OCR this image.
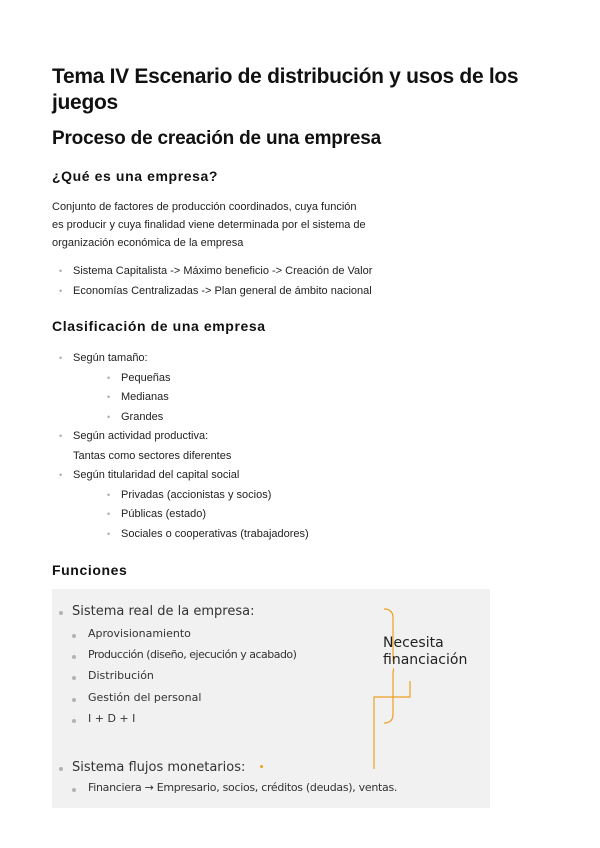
Tema IV Escenario de distribución y usos de los juegos
Proceso de creación de una empresa
¿Qué es una empresa?
Conjunto de factores de producción coordinados, cuya función
es producir y cuya finalidad viene determinada por el sistema de
organización económica de la empresa
• Sistema Capitalista -> Máximo beneficio -> Creación de Valor
• Economías Centralizadas -> Plan general de ámbito nacional
Clasificación de una empresa
• Según tamaño:
• Pequeñas
• Medianas
• Grandes
• Según actividad productiva:
Tantas como sectores diferentes
• Según titularidad del capital social
• Privadas (accionistas y socios)
• Públicas (estado)
• Sociales o cooperativas (trabajadores)
Funciones
Sistema real de la empresa:
Aprovisionamiento
Producción (diseño, ejecución y acabado)
Distribución
Gestión del personal
I + D + I
Necesita
financiación
Sistema flujos monetarios:
Financiera → Empresario, socios, créditos (deudas), ventas.
